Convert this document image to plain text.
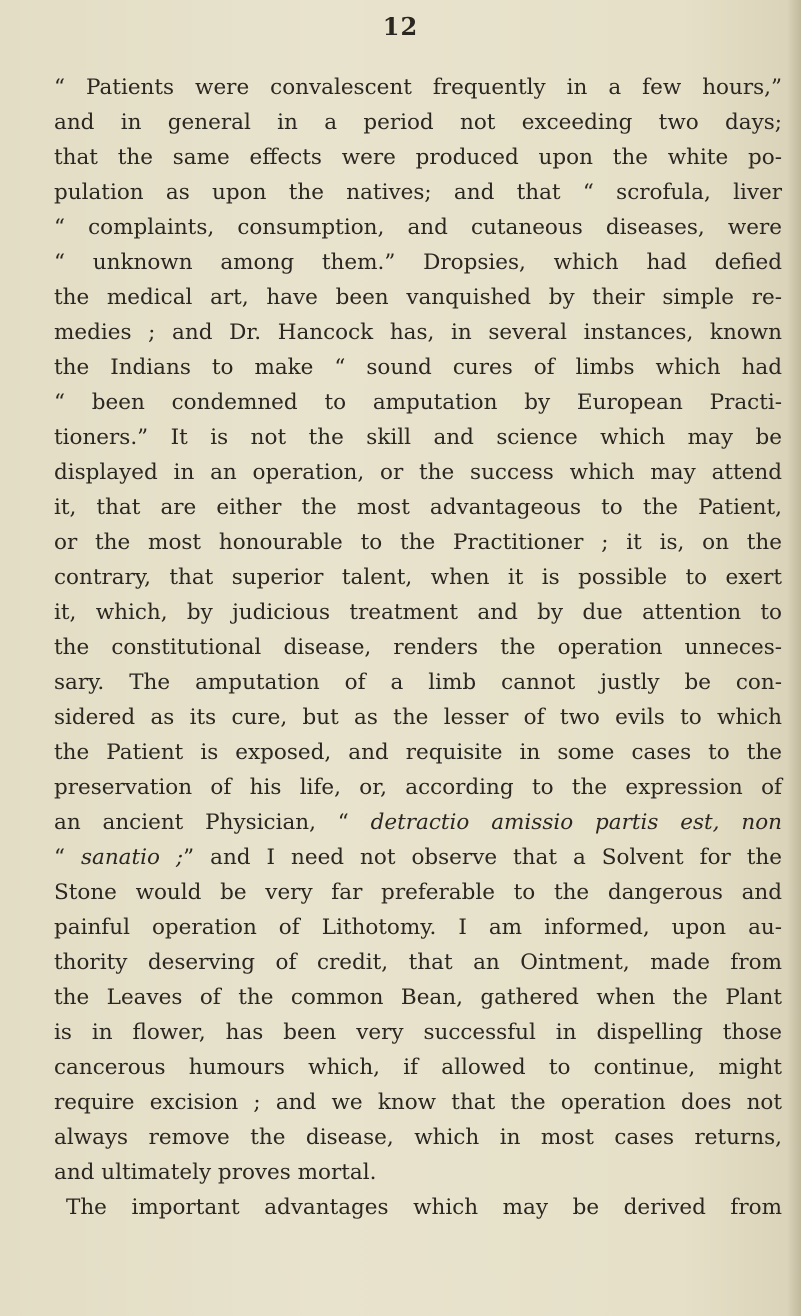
12
“ Patients were convalescent frequently in a few hours,”
and in general in a period not exceeding two days;
that the same effects were produced upon the white po-
pulation as upon the natives; and that “ scrofula, liver
“ complaints, consumption, and cutaneous diseases, were
“ unknown among them.” Dropsies, which had defied
the medical art, have been vanquished by their simple re-
medies ; and Dr. Hancock has, in several instances, known
the Indians to make “ sound cures of limbs which had
“ been condemned to amputation by European Practi-
tioners.” It is not the skill and science which may be
displayed in an operation, or the success which may attend
it, that are either the most advantageous to the Patient,
or the most honourable to the Practitioner ; it is, on the
contrary, that superior talent, when it is possible to exert
it, which, by judicious treatment and by due attention to
the constitutional disease, renders the operation unneces-
sary. The amputation of a limb cannot justly be con-
sidered as its cure, but as the lesser of two evils to which
the Patient is exposed, and requisite in some cases to the
preservation of his life, or, according to the expression of
an ancient Physician, “ detractio amissio partis est, non
“ sanatio ;” and I need not observe that a Solvent for the
Stone would be very far preferable to the dangerous and
painful operation of Lithotomy. I am informed, upon au-
thority deserving of credit, that an Ointment, made from
the Leaves of the common Bean, gathered when the Plant
is in flower, has been very successful in dispelling those
cancerous humours which, if allowed to continue, might
require excision ; and we know that the operation does not
always remove the disease, which in most cases returns,
and ultimately proves mortal.
The important advantages which may be derived from
